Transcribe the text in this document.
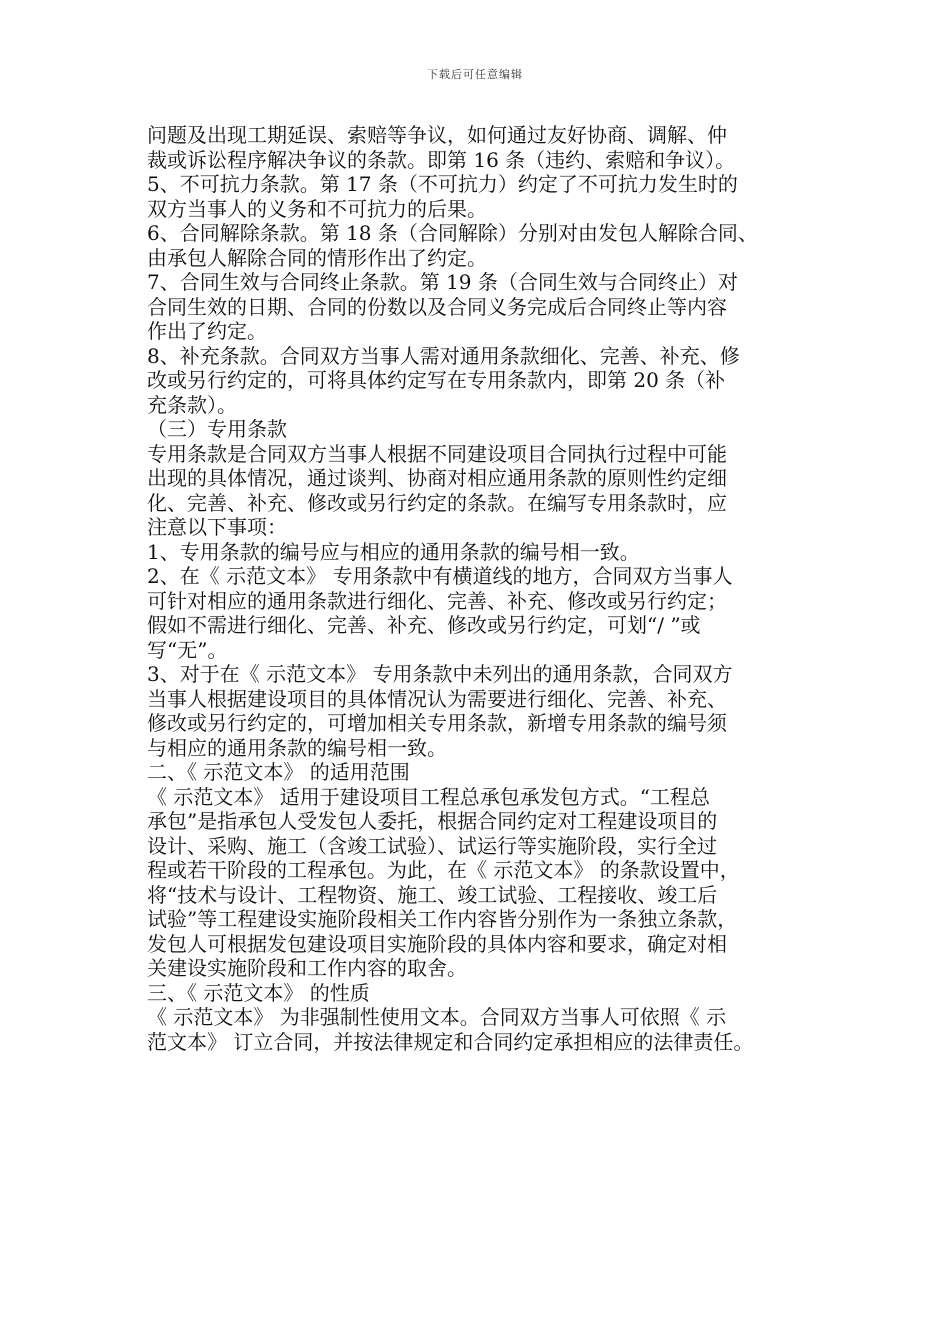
下载后可任意编辑
问题及出现工期延误、索赔等争议，如何通过友好协商、调解、仲
裁或诉讼程序解决争议的条款。即第 16 条（违约、索赔和争议）。
5、不可抗力条款。第 17 条（不可抗力）约定了不可抗力发生时的
双方当事人的义务和不可抗力的后果。
6、合同解除条款。第 18 条（合同解除）分别对由发包人解除合同、
由承包人解除合同的情形作出了约定。
7、合同生效与合同终止条款。第 19 条（合同生效与合同终止）对
合同生效的日期、合同的份数以及合同义务完成后合同终止等内容
作出了约定。
8、补充条款。合同双方当事人需对通用条款细化、完善、补充、修
改或另行约定的，可将具体约定写在专用条款内，即第 20 条（补
充条款）。
（三）专用条款
专用条款是合同双方当事人根据不同建设项目合同执行过程中可能
出现的具体情况，通过谈判、协商对相应通用条款的原则性约定细
化、完善、补充、修改或另行约定的条款。在编写专用条款时，应
注意以下事项：
1、专用条款的编号应与相应的通用条款的编号相一致。
2、在《 示范文本》 专用条款中有横道线的地方，合同双方当事人
可针对相应的通用条款进行细化、完善、补充、修改或另行约定；
假如不需进行细化、完善、补充、修改或另行约定，可划“/ ”或
写“无”。
3、对于在《 示范文本》 专用条款中未列出的通用条款，合同双方
当事人根据建设项目的具体情况认为需要进行细化、完善、补充、
修改或另行约定的，可增加相关专用条款，新增专用条款的编号须
与相应的通用条款的编号相一致。
二、《 示范文本》 的适用范围
《 示范文本》 适用于建设项目工程总承包承发包方式。“工程总
承包”是指承包人受发包人委托，根据合同约定对工程建设项目的
设计、采购、施工（含竣工试验）、试运行等实施阶段，实行全过
程或若干阶段的工程承包。为此，在《 示范文本》 的条款设置中，
将“技术与设计、工程物资、施工、竣工试验、工程接收、竣工后
试验”等工程建设实施阶段相关工作内容皆分别作为一条独立条款，
发包人可根据发包建设项目实施阶段的具体内容和要求，确定对相
关建设实施阶段和工作内容的取舍。
三、《 示范文本》 的性质
《 示范文本》 为非强制性使用文本。合同双方当事人可依照《 示
范文本》 订立合同，并按法律规定和合同约定承担相应的法律责任。
